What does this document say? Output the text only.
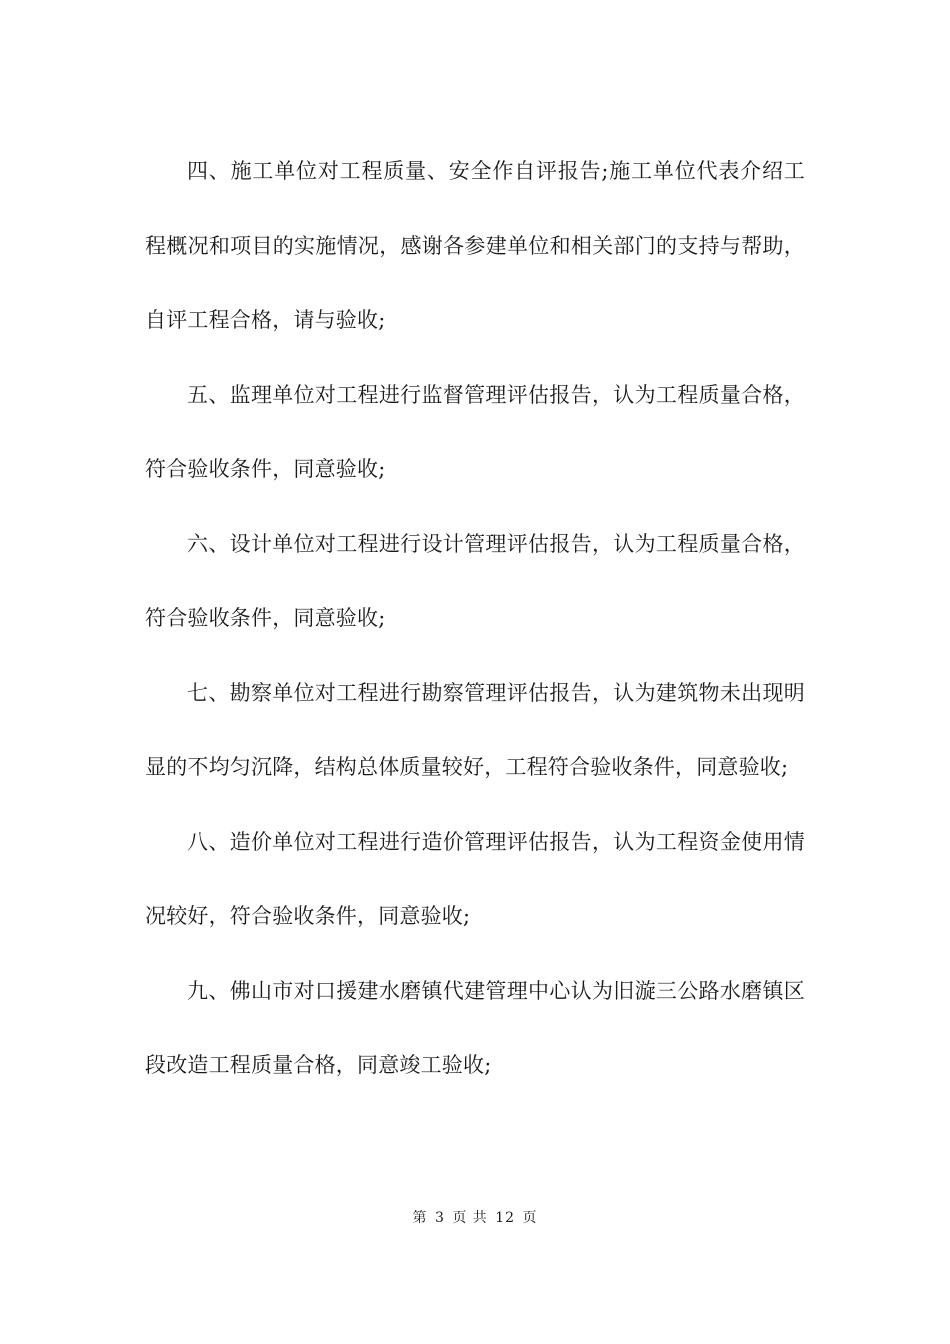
四、施工单位对工程质量、安全作自评报告;施工单位代表介绍工程概况和项目的实施情况，感谢各参建单位和相关部门的支持与帮助，自评工程合格，请与验收;

五、监理单位对工程进行监督管理评估报告，认为工程质量合格，符合验收条件，同意验收;

六、设计单位对工程进行设计管理评估报告，认为工程质量合格，符合验收条件，同意验收;

七、勘察单位对工程进行勘察管理评估报告，认为建筑物未出现明显的不均匀沉降，结构总体质量较好，工程符合验收条件，同意验收;

八、造价单位对工程进行造价管理评估报告，认为工程资金使用情况较好，符合验收条件，同意验收;

九、佛山市对口援建水磨镇代建管理中心认为旧漩三公路水磨镇区段改造工程质量合格，同意竣工验收;

第 3 页 共 12 页
